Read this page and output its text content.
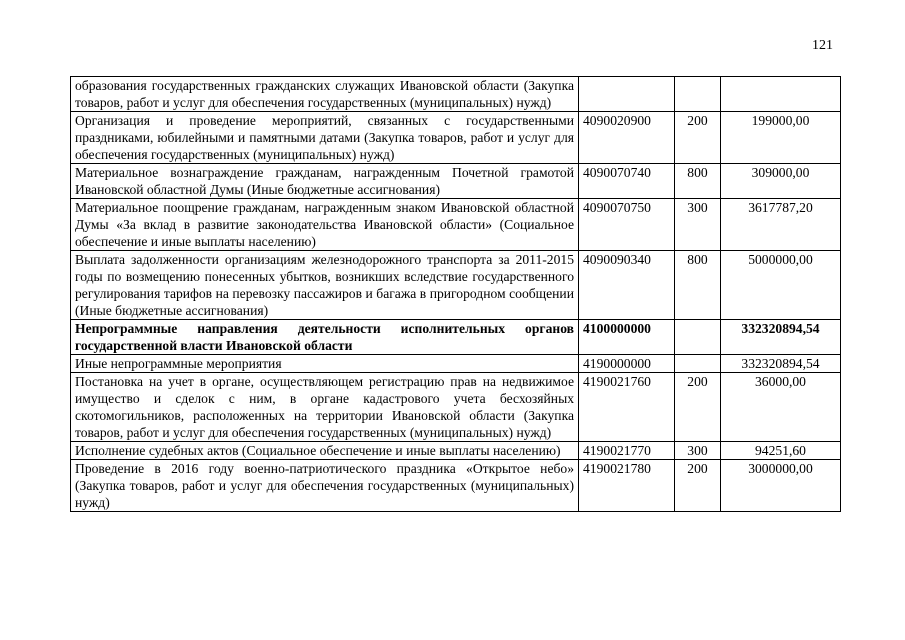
121
образования государственных гражданских служащих Ивановской области (Закупка товаров, работ и услуг для обеспечения государственных (муниципальных) нужд)			
Организация и проведение мероприятий, связанных с государственными праздниками, юбилейными и памятными датами (Закупка товаров, работ и услуг для обеспечения государственных (муниципальных) нужд)	4090020900	200	199000,00
Материальное вознаграждение гражданам, награжденным Почетной грамотой Ивановской областной Думы (Иные бюджетные ассигнования)	4090070740	800	309000,00
Материальное поощрение гражданам, награжденным знаком Ивановской областной Думы «За вклад в развитие законодательства Ивановской области» (Социальное обеспечение и иные выплаты населению)	4090070750	300	3617787,20
Выплата задолженности организациям железнодорожного транспорта за 2011-2015 годы по возмещению понесенных убытков, возникших вследствие государственного регулирования тарифов на перевозку пассажиров и багажа в пригородном сообщении (Иные бюджетные ассигнования)	4090090340	800	5000000,00
Непрограммные направления деятельности исполнительных органов государственной власти Ивановской области	4100000000		332320894,54
Иные непрограммные мероприятия	4190000000		332320894,54
Постановка на учет в органе, осуществляющем регистрацию прав на недвижимое имущество и сделок с ним, в органе кадастрового учета бесхозяйных скотомогильников, расположенных на территории Ивановской области (Закупка товаров, работ и услуг для обеспечения государственных (муниципальных) нужд)	4190021760	200	36000,00
Исполнение судебных актов (Социальное обеспечение и иные выплаты населению)	4190021770	300	94251,60
Проведение в 2016 году военно-патриотического праздника «Открытое небо» (Закупка товаров, работ и услуг для обеспечения государственных (муниципальных) нужд)	4190021780	200	3000000,00
